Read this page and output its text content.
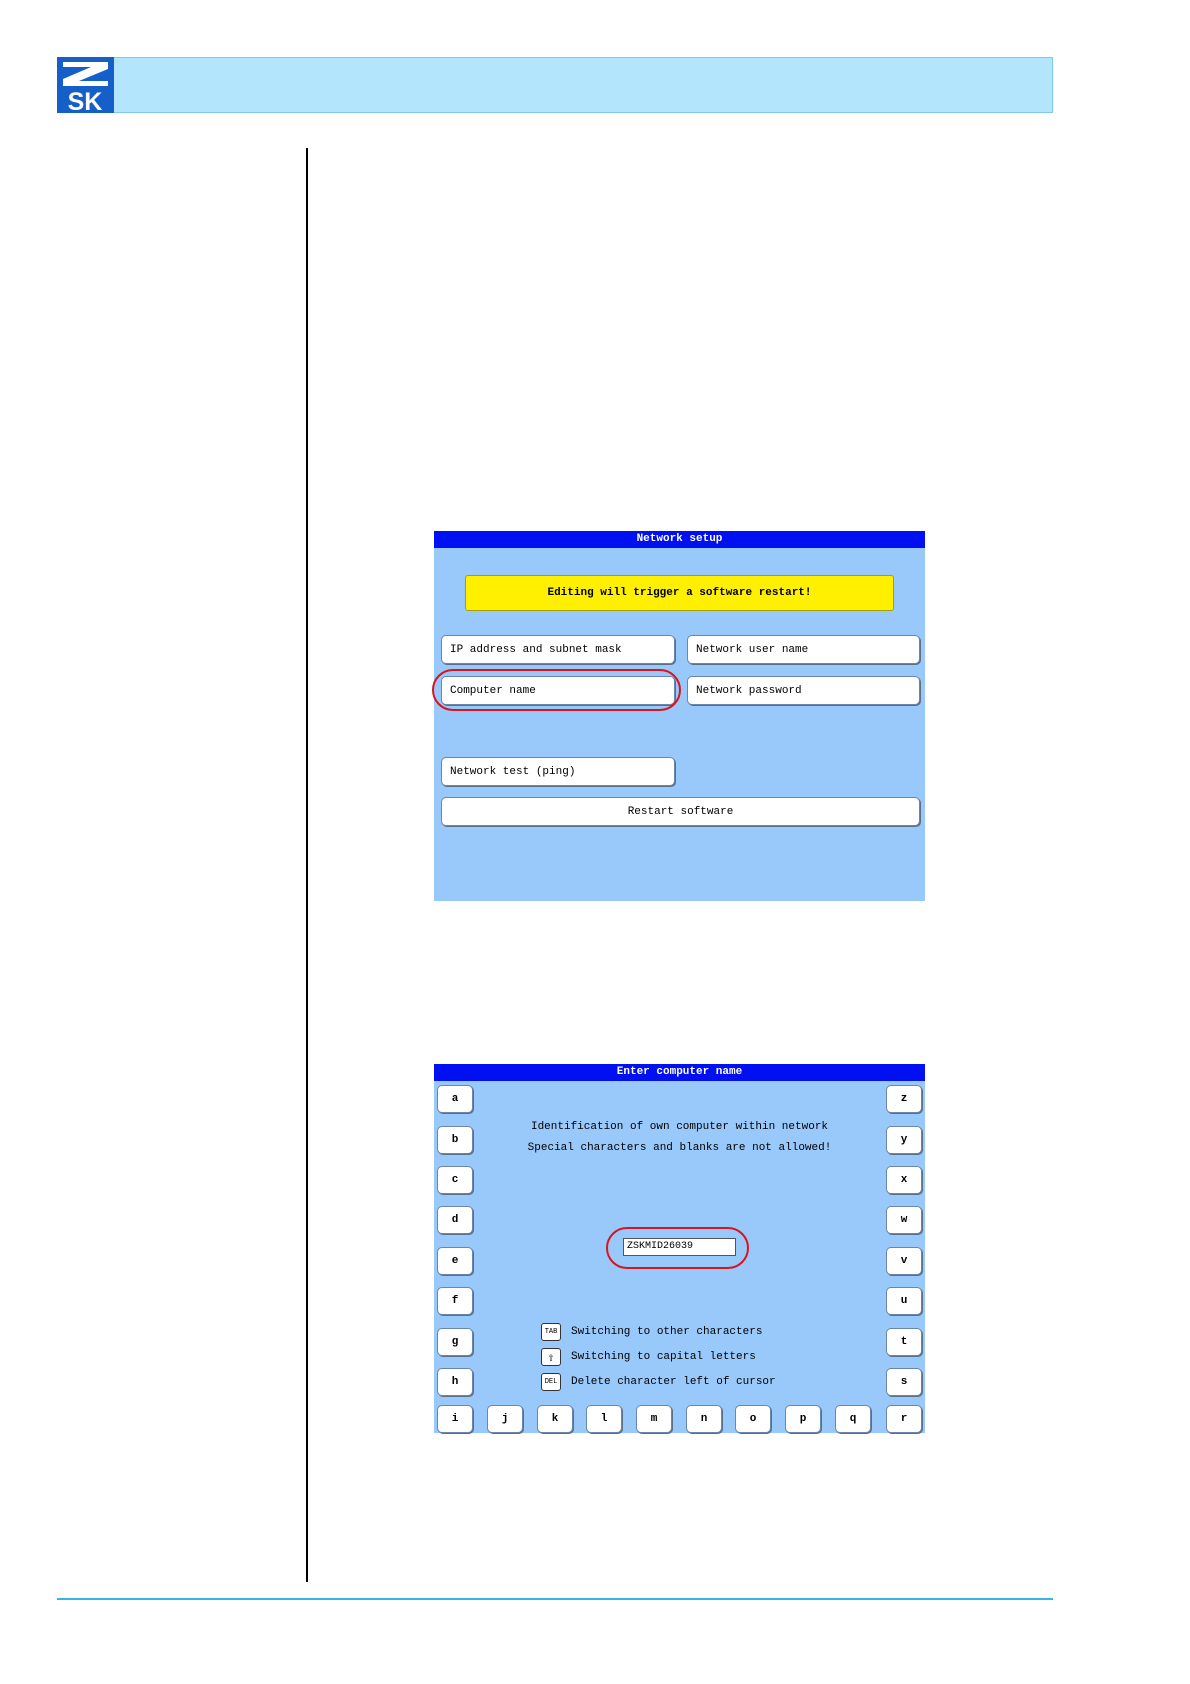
SK
Network setup
Editing will trigger a software restart!
IP address and subnet mask	Network user name
Computer name	Network password
Network test (ping)
Restart software
Enter computer name
a
b
c
d
e
f
g
h
z
y
x
w
v
u
t
s
i	j	k	l	m	n	o	p	q	r
Identification of own computer within network
Special characters and blanks are not allowed!
ZSKMID26039
TAB	Switching to other characters
⇧	Switching to capital letters
DEL	Delete character left of cursor
